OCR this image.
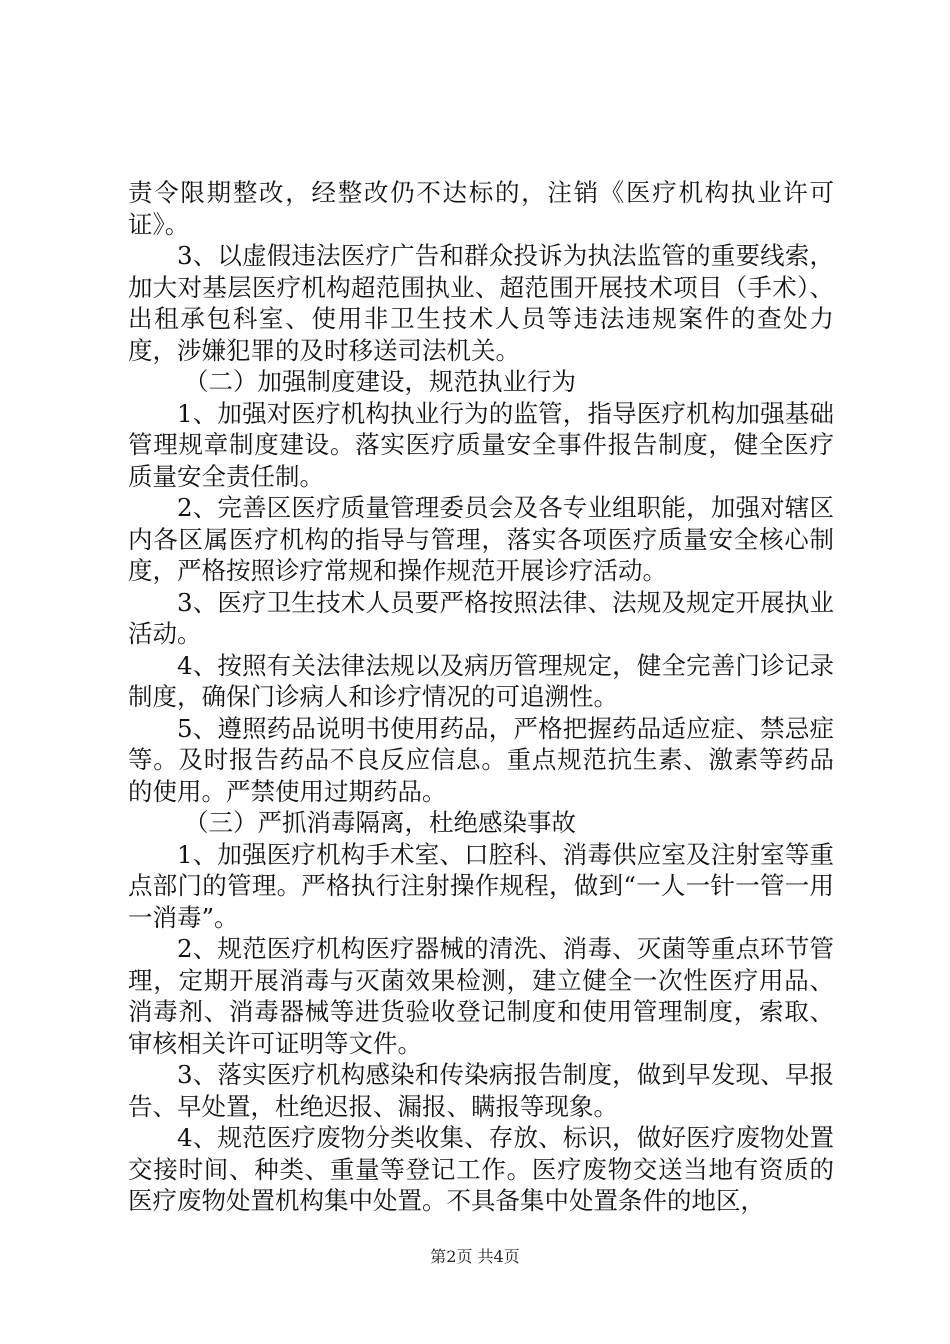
责令限期整改，经整改仍不达标的，注销《医疗机构执业许可证》。

3、以虚假违法医疗广告和群众投诉为执法监管的重要线索，加大对基层医疗机构超范围执业、超范围开展技术项目（手术）、出租承包科室、使用非卫生技术人员等违法违规案件的查处力度，涉嫌犯罪的及时移送司法机关。

（二）加强制度建设，规范执业行为

1、加强对医疗机构执业行为的监管，指导医疗机构加强基础管理规章制度建设。落实医疗质量安全事件报告制度，健全医疗质量安全责任制。

2、完善区医疗质量管理委员会及各专业组职能，加强对辖区内各区属医疗机构的指导与管理，落实各项医疗质量安全核心制度，严格按照诊疗常规和操作规范开展诊疗活动。

3、医疗卫生技术人员要严格按照法律、法规及规定开展执业活动。

4、按照有关法律法规以及病历管理规定，健全完善门诊记录制度，确保门诊病人和诊疗情况的可追溯性。

5、遵照药品说明书使用药品，严格把握药品适应症、禁忌症等。及时报告药品不良反应信息。重点规范抗生素、激素等药品的使用。严禁使用过期药品。

（三）严抓消毒隔离，杜绝感染事故

1、加强医疗机构手术室、口腔科、消毒供应室及注射室等重点部门的管理。严格执行注射操作规程，做到“一人一针一管一用一消毒”。

2、规范医疗机构医疗器械的清洗、消毒、灭菌等重点环节管理，定期开展消毒与灭菌效果检测，建立健全一次性医疗用品、消毒剂、消毒器械等进货验收登记制度和使用管理制度，索取、审核相关许可证明等文件。

3、落实医疗机构感染和传染病报告制度，做到早发现、早报告、早处置，杜绝迟报、漏报、瞒报等现象。

4、规范医疗废物分类收集、存放、标识，做好医疗废物处置交接时间、种类、重量等登记工作。医疗废物交送当地有资质的医疗废物处置机构集中处置。不具备集中处置条件的地区，

第2页 共4页
